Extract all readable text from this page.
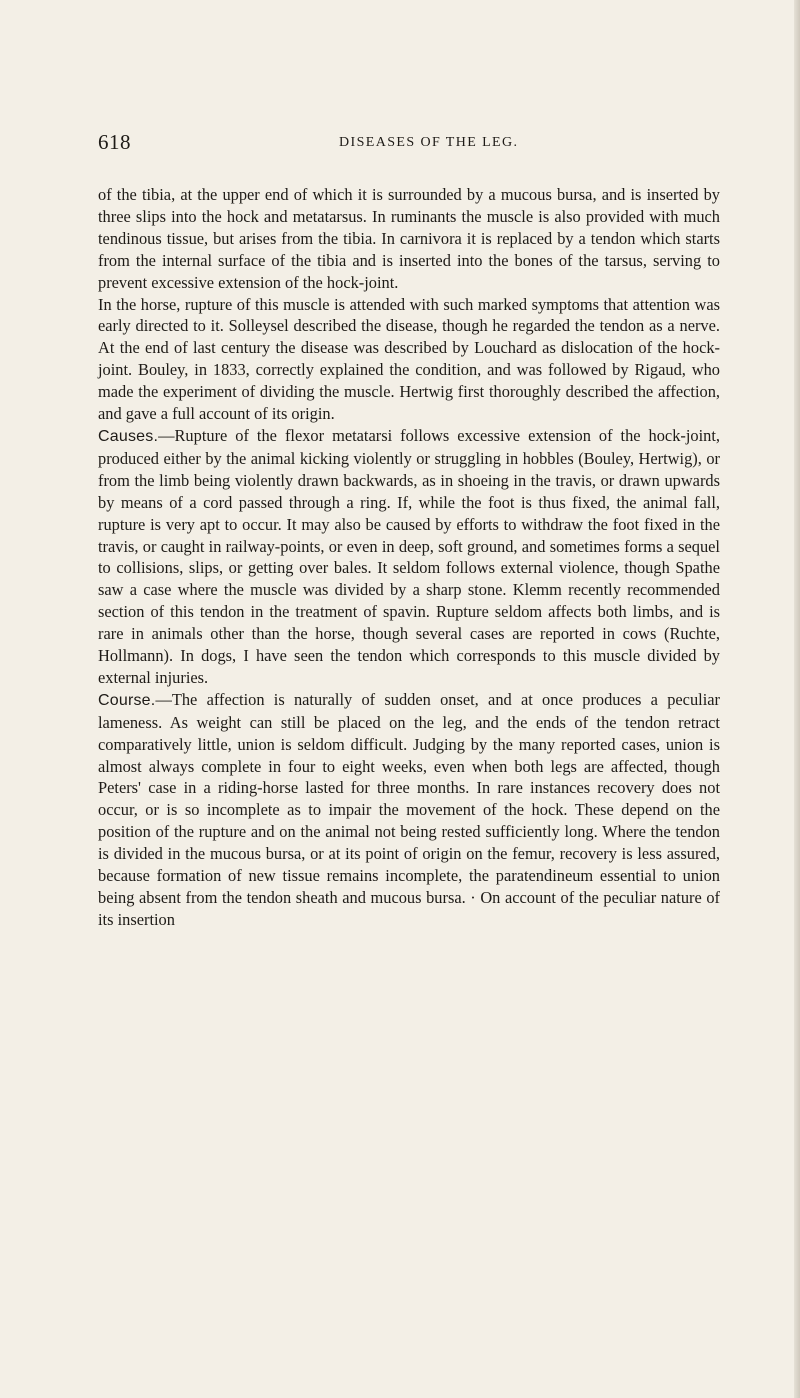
618	DISEASES OF THE LEG.

of the tibia, at the upper end of which it is surrounded by a mucous bursa, and is inserted by three slips into the hock and metatarsus. In ruminants the muscle is also provided with much tendinous tissue, but arises from the tibia. In carnivora it is replaced by a tendon which starts from the internal surface of the tibia and is inserted into the bones of the tarsus, serving to prevent excessive extension of the hock-joint.

In the horse, rupture of this muscle is attended with such marked symptoms that attention was early directed to it. Solleysel described the disease, though he regarded the tendon as a nerve. At the end of last century the disease was described by Louchard as dislocation of the hock-joint. Bouley, in 1833, correctly explained the condition, and was followed by Rigaud, who made the experiment of dividing the muscle. Hertwig first thoroughly described the affection, and gave a full account of its origin.

Causes.—Rupture of the flexor metatarsi follows excessive extension of the hock-joint, produced either by the animal kicking violently or struggling in hobbles (Bouley, Hertwig), or from the limb being violently drawn backwards, as in shoeing in the travis, or drawn upwards by means of a cord passed through a ring. If, while the foot is thus fixed, the animal fall, rupture is very apt to occur. It may also be caused by efforts to withdraw the foot fixed in the travis, or caught in railway-points, or even in deep, soft ground, and sometimes forms a sequel to collisions, slips, or getting over bales. It seldom follows external violence, though Spathe saw a case where the muscle was divided by a sharp stone. Klemm recently recommended section of this tendon in the treatment of spavin. Rupture seldom affects both limbs, and is rare in animals other than the horse, though several cases are reported in cows (Ruchte, Hollmann). In dogs, I have seen the tendon which corresponds to this muscle divided by external injuries.

Course.—The affection is naturally of sudden onset, and at once produces a peculiar lameness. As weight can still be placed on the leg, and the ends of the tendon retract comparatively little, union is seldom difficult. Judging by the many reported cases, union is almost always complete in four to eight weeks, even when both legs are affected, though Peters' case in a riding-horse lasted for three months. In rare instances recovery does not occur, or is so incomplete as to impair the movement of the hock. These depend on the position of the rupture and on the animal not being rested sufficiently long. Where the tendon is divided in the mucous bursa, or at its point of origin on the femur, recovery is less assured, because formation of new tissue remains incomplete, the paratendineum essential to union being absent from the tendon sheath and mucous bursa. · On account of the peculiar nature of its insertion
